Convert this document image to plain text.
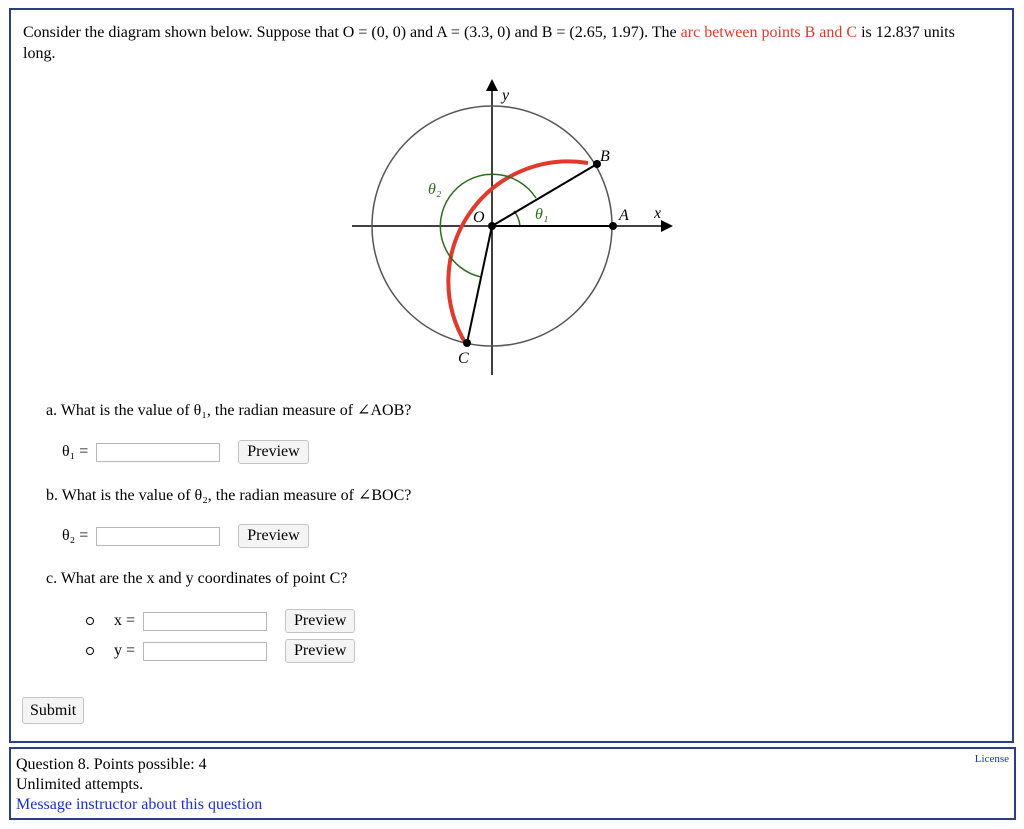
Consider the diagram shown below. Suppose that O = (0, 0) and A = (3.3, 0) and B = (2.65, 1.97). The arc between points B and C is 12.837 units long.
y
x
B
A
O
C
θ₂
θ₁
a. What is the value of θ₁, the radian measure of ∠AOB?
θ₁ =	Preview
b. What is the value of θ₂, the radian measure of ∠BOC?
θ₂ =	Preview
c. What are the x and y coordinates of point C?
x =	Preview
y =	Preview
Submit
Question 8. Points possible: 4
Unlimited attempts.
Message instructor about this question
License
